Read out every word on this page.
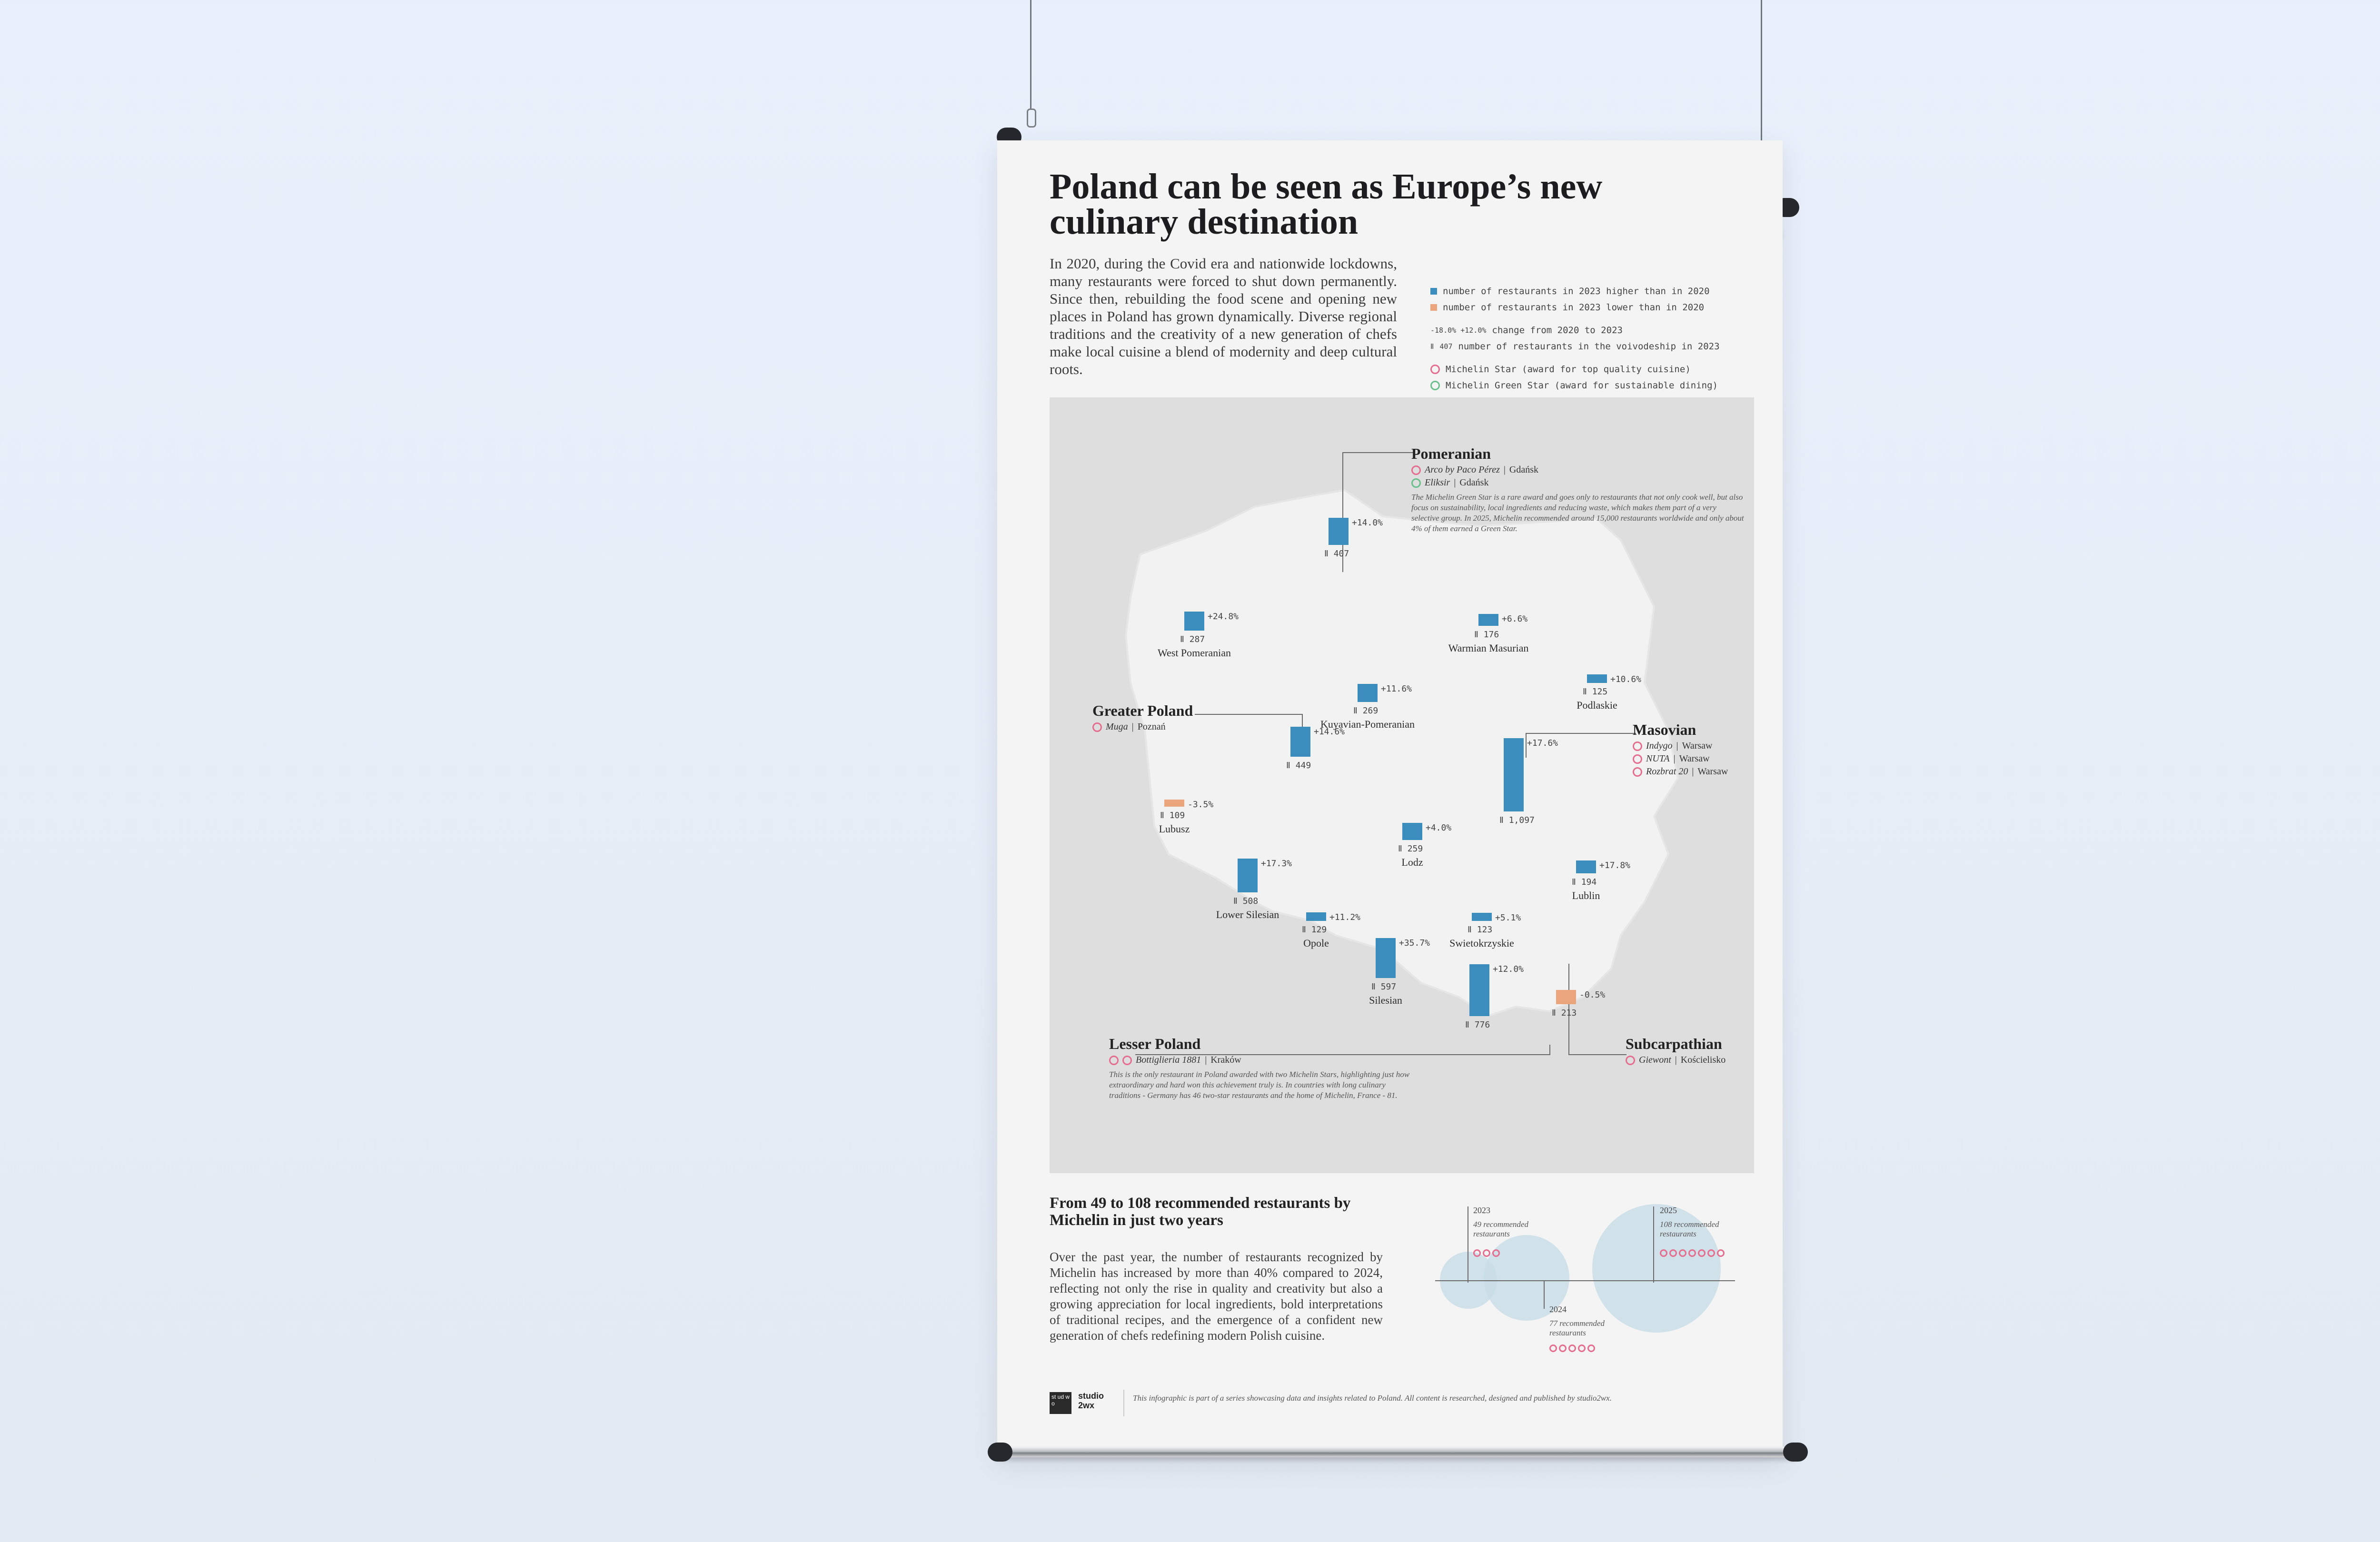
Poland can be seen as Europe’s new culinary destination

In 2020, during the Covid era and nationwide lockdowns, many restaurants were forced to shut down permanently. Since then, rebuilding the food scene and opening new places in Poland has grown dynamically. Diverse regional traditions and the creativity of a new generation of chefs make local cuisine a blend of modernity and deep cultural roots.

number of restaurants in 2023 higher than in 2020
number of restaurants in 2023 lower than in 2020
-18.0% +12.0% change from 2020 to 2023
Ⅱ 407 number of restaurants in the voivodeship in 2023
Michelin Star (award for top quality cuisine)
Michelin Green Star (award for sustainable dining)
+14.0%
Ⅱ 407
+24.8%
Ⅱ 287
West Pomeranian
+6.6%
Ⅱ 176
Warmian Masurian
+10.6%
Ⅱ 125
Podlaskie
+11.6%
Ⅱ 269
Kuyavian-Pomeranian
+14.6%
Ⅱ 449
+17.6%
Ⅱ 1,097
-3.5%
Ⅱ 109
Lubusz	+4.0%
Ⅱ 259
Lodz	+17.8%
Ⅱ 194
Lublin
+17.3%
Ⅱ 508
Lower Silesian	+11.2%
Ⅱ 129
Opole
+5.1%
Ⅱ 123
Swietokrzyskie
+35.7%
Ⅱ 597
Silesian
+12.0%
Ⅱ 776
-0.5%
Ⅱ 213
Pomeranian
Arco by Paco Pérez | Gdańsk
Eliksir | Gdańsk
The Michelin Green Star is a rare award and goes only to restaurants that not only cook well, but also focus on sustainability, local ingredients and reducing waste, which makes them part of a very selective group. In 2025, Michelin recommended around 15,000 restaurants worldwide and only about 4% of them earned a Green Star.
Greater Poland
Muga | Poznań	Masovian
Indygo | Warsaw
NUTA | Warsaw
Rozbrat 20 | Warsaw
Lesser Poland
Bottiglieria 1881 | Kraków
This is the only restaurant in Poland awarded with two Michelin Stars, highlighting just how extraordinary and hard won this achievement truly is. In countries with long culinary traditions - Germany has 46 two-star restaurants and the home of Michelin, France - 81.
Subcarpathian
Giewont | Kościelisko
From 49 to 108 recommended restaurants by Michelin in just two years

Over the past year, the number of restaurants recognized by Michelin has increased by more than 40% compared to 2024, reflecting not only the rise in quality and creativity but also a growing appreciation for local ingredients, bold interpretations of traditional recipes, and the emergence of a confident new generation of chefs redefining modern Polish cuisine.

2023
49 recommended restaurants
2024
77 recommended restaurants
2025
108 recommended restaurants
st ud wo
studio
2wx
This infographic is part of a series showcasing data and insights related to Poland. All content is researched, designed and published by studio2wx.
